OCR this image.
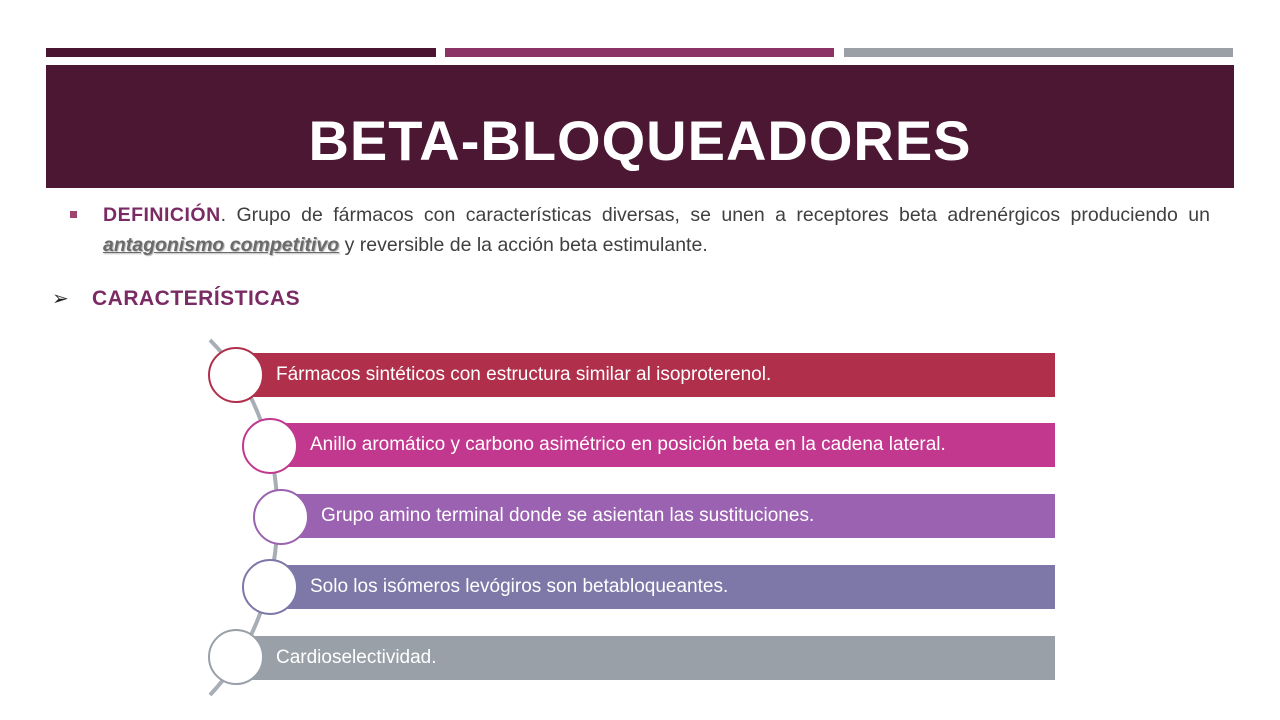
BETA-BLOQUEADORES

DEFINICIÓN. Grupo de fármacos con características diversas, se unen a receptores beta adrenérgicos produciendo un antagonismo competitivo y reversible de la acción beta estimulante.

➢ CARACTERÍSTICAS
Fármacos sintéticos con estructura similar al isoproterenol.
Anillo aromático y carbono asimétrico en posición beta en la cadena lateral.
Grupo amino terminal donde se asientan las sustituciones.
Solo los isómeros levógiros son betabloqueantes.
Cardioselectividad.
